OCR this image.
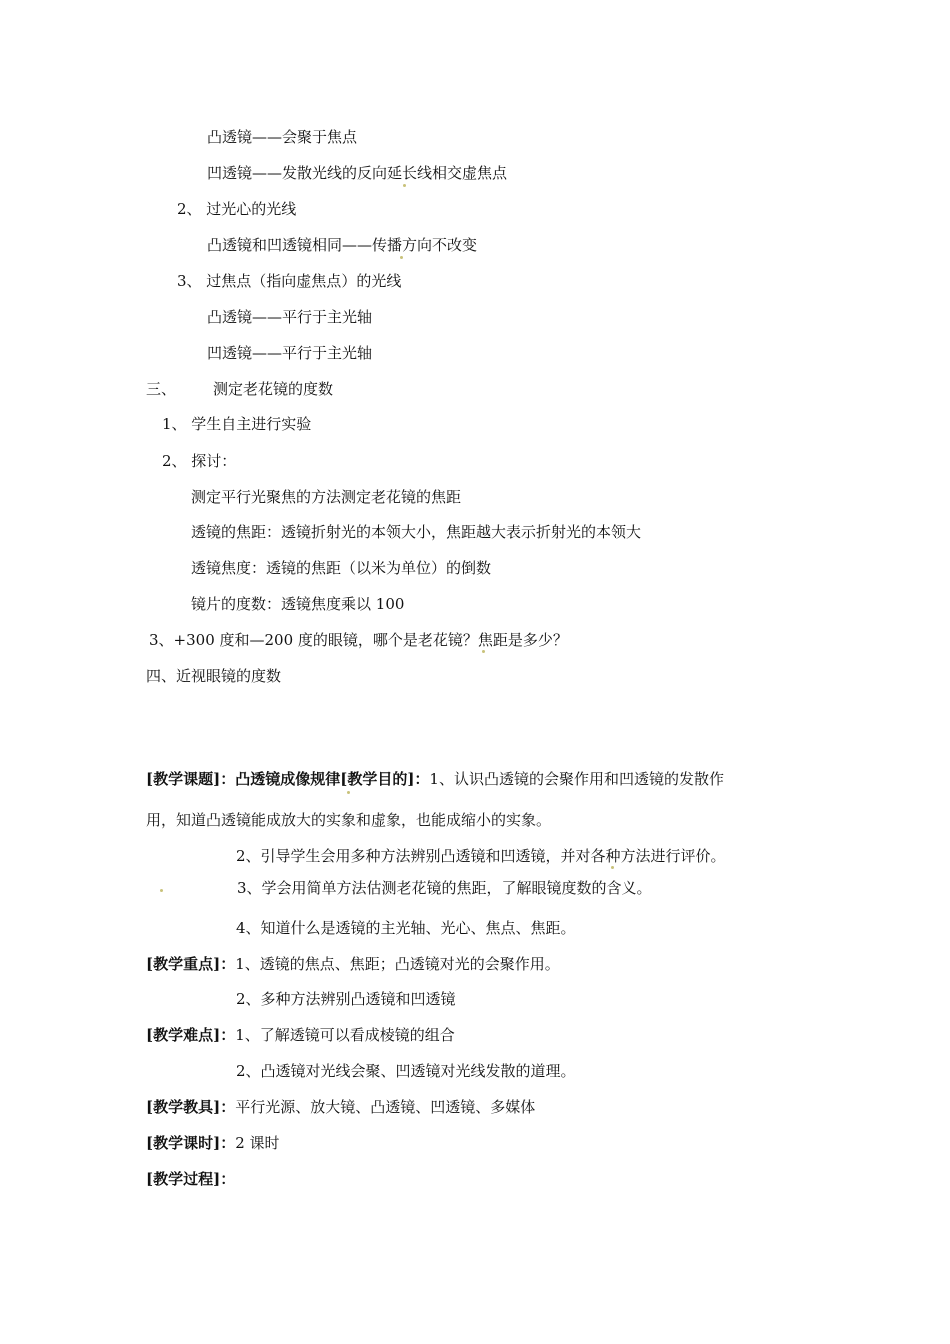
凸透镜——会聚于焦点
凹透镜——发散光线的反向延长线相交虚焦点
2、 过光心的光线
凸透镜和凹透镜相同——传播方向不改变
3、 过焦点（指向虚焦点）的光线
凸透镜——平行于主光轴
凹透镜——平行于主光轴
三、 测定老花镜的度数
1、 学生自主进行实验
2、 探讨：
测定平行光聚焦的方法测定老花镜的焦距
透镜的焦距：透镜折射光的本领大小，焦距越大表示折射光的本领大
透镜焦度：透镜的焦距（以米为单位）的倒数
镜片的度数：透镜焦度乘以 100
3、+300 度和—200 度的眼镜，哪个是老花镜？焦距是多少？
四、近视眼镜的度数
[教学课题]：凸透镜成像规律[教学目的]：1、认识凸透镜的会聚作用和凹透镜的发散作
用，知道凸透镜能成放大的实象和虚象，也能成缩小的实象。
2、引导学生会用多种方法辨别凸透镜和凹透镜，并对各种方法进行评价。
3、学会用简单方法估测老花镜的焦距，了解眼镜度数的含义。
4、知道什么是透镜的主光轴、光心、焦点、焦距。
[教学重点]：1、透镜的焦点、焦距；凸透镜对光的会聚作用。
2、多种方法辨别凸透镜和凹透镜
[教学难点]：1、了解透镜可以看成棱镜的组合
2、凸透镜对光线会聚、凹透镜对光线发散的道理。
[教学教具]：平行光源、放大镜、凸透镜、凹透镜、多媒体
[教学课时]：2 课时
[教学过程]：
